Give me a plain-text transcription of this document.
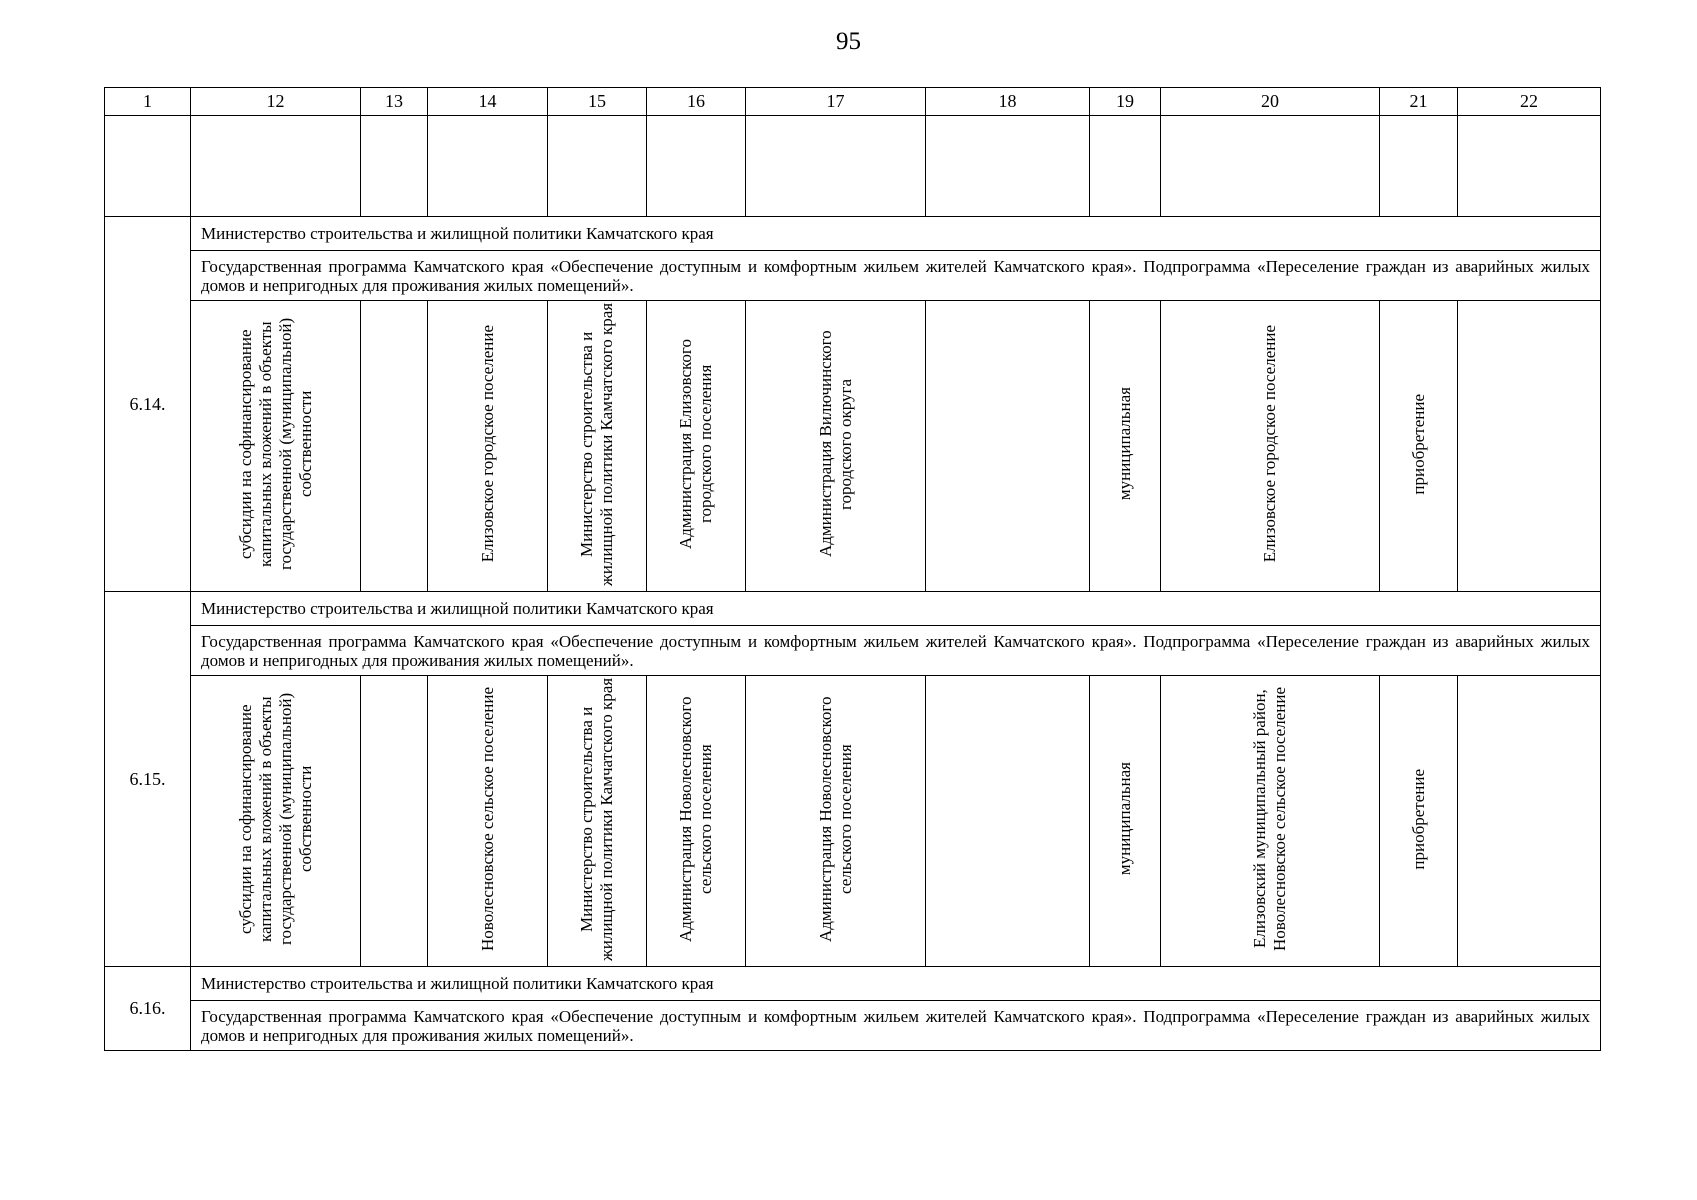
95
1	12	13	14	15	16	17	18	19	20	21	22

6.14.	Министерство строительства и жилищной политики Камчатского края										
	Государственная программа Камчатского края «Обеспечение доступным и комфортным жильем жителей Камчатского края». Подпрограмма «Переселение граждан из аварийных жилых домов и непригодных для проживания жилых помещений».										
	субсидии на софинансирование капитальных вложений в объекты государственной (муниципальной) собственности		Елизовское городское поселение	Министерство строительства и жилищной политики Камчатского края	Администрация Елизовского городского поселения	Администрация Вилючинского городского округа		муниципальная	Елизовское городское поселение	приобретение	
6.15.	Министерство строительства и жилищной политики Камчатского края										
	Государственная программа Камчатского края «Обеспечение доступным и комфортным жильем жителей Камчатского края». Подпрограмма «Переселение граждан из аварийных жилых домов и непригодных для проживания жилых помещений».										
	субсидии на софинансирование капитальных вложений в объекты государственной (муниципальной) собственности		Новолесновское сельское поселение	Министерство строительства и жилищной политики Камчатского края	Администрация Новолесновского сельского поселения	Администрация Новолесновского сельского поселения		муниципальная	Елизовский муниципальный район, Новолесновское сельское поселение	приобретение	
6.16.	Министерство строительства и жилищной политики Камчатского края										
	Государственная программа Камчатского края «Обеспечение доступным и комфортным жильем жителей Камчатского края». Подпрограмма «Переселение граждан из аварийных жилых домов и непригодных для проживания жилых помещений».										
